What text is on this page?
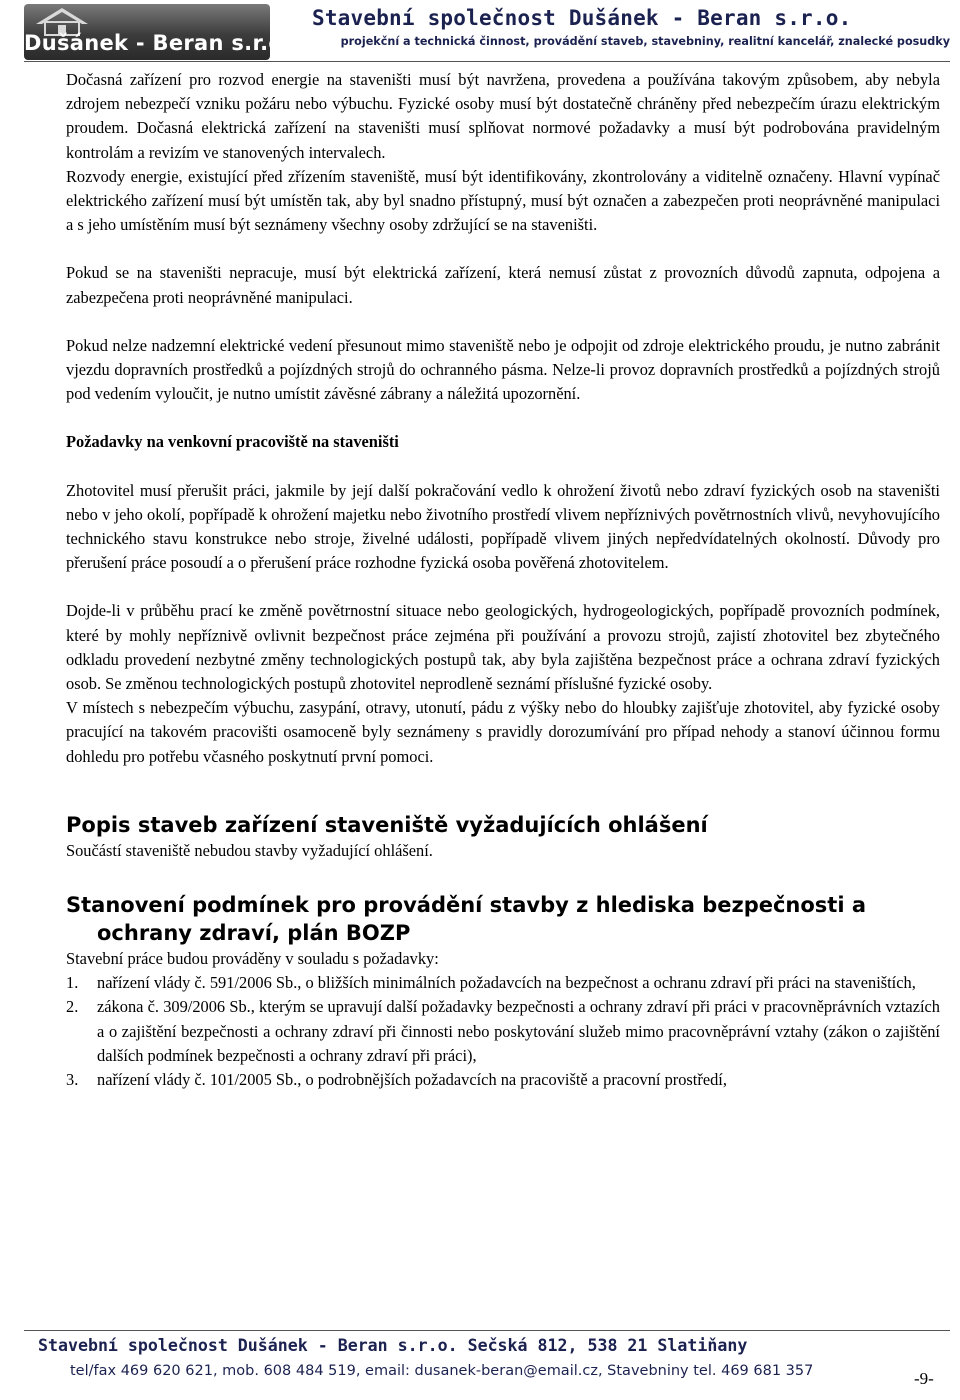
Dušánek - Beran s.r.o.
Stavební společnost Dušánek - Beran s.r.o.
projekční a technická činnost, provádění staveb, stavebniny, realitní kancelář, znalecké posudky

Dočasná zařízení pro rozvod energie na staveništi musí být navržena, provedena a používána takovým způsobem, aby nebyla zdrojem nebezpečí vzniku požáru nebo výbuchu. Fyzické osoby musí být dostatečně chráněny před nebezpečím úrazu elektrickým proudem. Dočasná elektrická zařízení na staveništi musí splňovat normové požadavky a musí být podrobována pravidelným kontrolám a revizím ve stanovených intervalech.

Rozvody energie, existující před zřízením staveniště, musí být identifikovány, zkontrolovány a viditelně označeny. Hlavní vypínač elektrického zařízení musí být umístěn tak, aby byl snadno přístupný, musí být označen a zabezpečen proti neoprávněné manipulaci a s jeho umístěním musí být seznámeny všechny osoby zdržující se na staveništi.

Pokud se na staveništi nepracuje, musí být elektrická zařízení, která nemusí zůstat z provozních důvodů zapnuta, odpojena a zabezpečena proti neoprávněné manipulaci.

Pokud nelze nadzemní elektrické vedení přesunout mimo staveniště nebo je odpojit od zdroje elektrického proudu, je nutno zabránit vjezdu dopravních prostředků a pojízdných strojů do ochranného pásma. Nelze-li provoz dopravních prostředků a pojízdných strojů pod vedením vyloučit, je nutno umístit závěsné zábrany a náležitá upozornění.

Požadavky na venkovní pracoviště na staveništi

Zhotovitel musí přerušit práci, jakmile by její další pokračování vedlo k ohrožení životů nebo zdraví fyzických osob na staveništi nebo v jeho okolí, popřípadě k ohrožení majetku nebo životního prostředí vlivem nepříznivých povětrnostních vlivů, nevyhovujícího technického stavu konstrukce nebo stroje, živelné události, popřípadě vlivem jiných nepředvídatelných okolností. Důvody pro přerušení práce posoudí a o přerušení práce rozhodne fyzická osoba pověřená zhotovitelem.

Dojde-li v průběhu prací ke změně povětrnostní situace nebo geologických, hydrogeologických, popřípadě provozních podmínek, které by mohly nepříznivě ovlivnit bezpečnost práce zejména při používání a provozu strojů, zajistí zhotovitel bez zbytečného odkladu provedení nezbytné změny technologických postupů tak, aby byla zajištěna bezpečnost práce a ochrana zdraví fyzických osob. Se změnou technologických postupů zhotovitel neprodleně seznámí příslušné fyzické osoby.

V místech s nebezpečím výbuchu, zasypání, otravy, utonutí, pádu z výšky nebo do hloubky zajišťuje zhotovitel, aby fyzické osoby pracující na takovém pracovišti osamoceně byly seznámeny s pravidly dorozumívání pro případ nehody a stanoví účinnou formu dohledu pro potřebu včasného poskytnutí první pomoci.

Popis staveb zařízení staveniště vyžadujících ohlášení

Součástí staveniště nebudou stavby vyžadující ohlášení.

Stanovení podmínek pro provádění stavby z hlediska bezpečnosti a
ochrany zdraví, plán BOZP

Stavební práce budou prováděny v souladu s požadavky:

1. nařízení vlády č. 591/2006 Sb., o bližších minimálních požadavcích na bezpečnost a ochranu zdraví při práci na staveništích,
2. zákona č. 309/2006 Sb., kterým se upravují další požadavky bezpečnosti a ochrany zdraví při práci v pracovněprávních vztazích a o zajištění bezpečnosti a ochrany zdraví při činnosti nebo poskytování služeb mimo pracovněprávní vztahy (zákon o zajištění dalších podmínek bezpečnosti a ochrany zdraví při práci),
3. nařízení vlády č. 101/2005 Sb., o podrobnějších požadavcích na pracoviště a pracovní prostředí,
Stavební společnost Dušánek - Beran s.r.o. Sečská 812, 538 21 Slatiňany
tel/fax 469 620 621, mob. 608 484 519, email: dusanek-beran@email.cz, Stavebniny tel. 469 681 357	-9-
